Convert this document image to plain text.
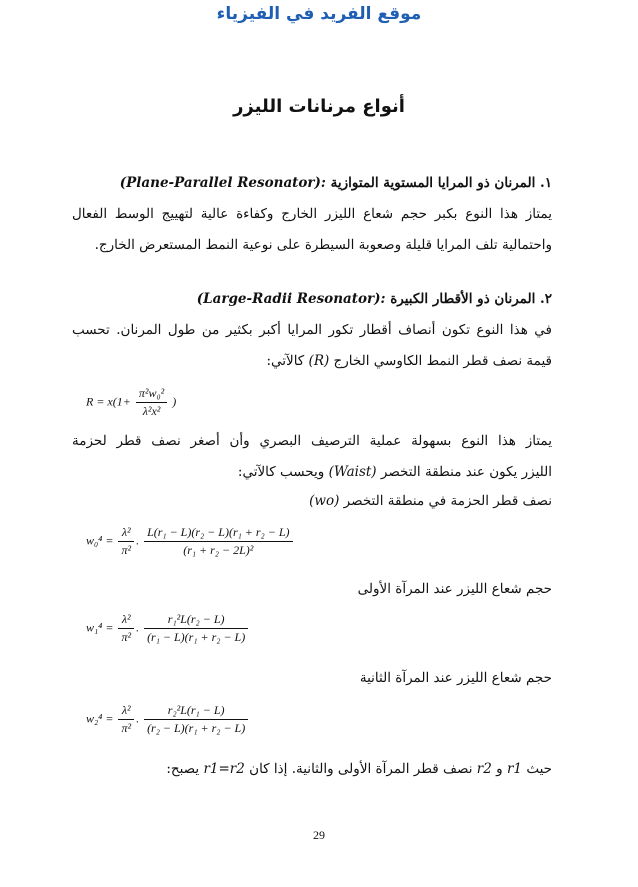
موقع الفريد في الفيزياء
أنواع مرنانات الليزر
١. المرنان ذو المرايا المستوية المتوازية (Plane-Parallel Resonator):
يمتاز هذا النوع بكبر حجم شعاع الليزر الخارج وكفاءة عالية لتهييج الوسط الفعال
واحتمالية تلف المرايا قليلة وصعوبة السيطرة على نوعية النمط المستعرض الخارج.
٢. المرنان ذو الأقطار الكبيرة (Large-Radii Resonator):
في هذا النوع تكون أنصاف أقطار تكور المرايا أكبر بكثير من طول المرنان. تحسب
قيمة نصف قطر النمط الكاوسي الخارج (R) كالآتي:
$R = x(1+ \frac{\text{π²w₀²}}{\text{λ²x²}}$ )
يمتاز هذا النوع بسهولة عملية الترصيف البصري وأن أصغر نصف قطر لحزمة
الليزر يكون عند منطقة التخصر (Waist) ويحسب كالآتي:
نصف قطر الحزمة في منطقة التخصر (wo)
$w_0^4 = \frac{\text{λ²}}{\text{π²}}$ . $\frac{\text{L(r₁ − L)(r₂ − L)(r₁ + r₂ − L)}}{\text{(r₁ + r₂ − 2L)²}}$
حجم شعاع الليزر عند المرآة الأولى
$w_1^4 = \frac{\text{λ²}}{\text{π²}}$ . $\frac{\text{r₁²L(r₂ − L)}}{\text{(r₁ − L)(r₁ + r₂ − L)}}$
حجم شعاع الليزر عند المرآة الثانية
$w_2^4 = \frac{\text{λ²}}{\text{π²}}$ . $\frac{\text{r₂²L(r₁ − L)}}{\text{(r₂ − L)(r₁ + r₂ − L)}}$
حيث r1 و r2 نصف قطر المرآة الأولى والثانية. إذا كان r1=r2 يصبح:
29
